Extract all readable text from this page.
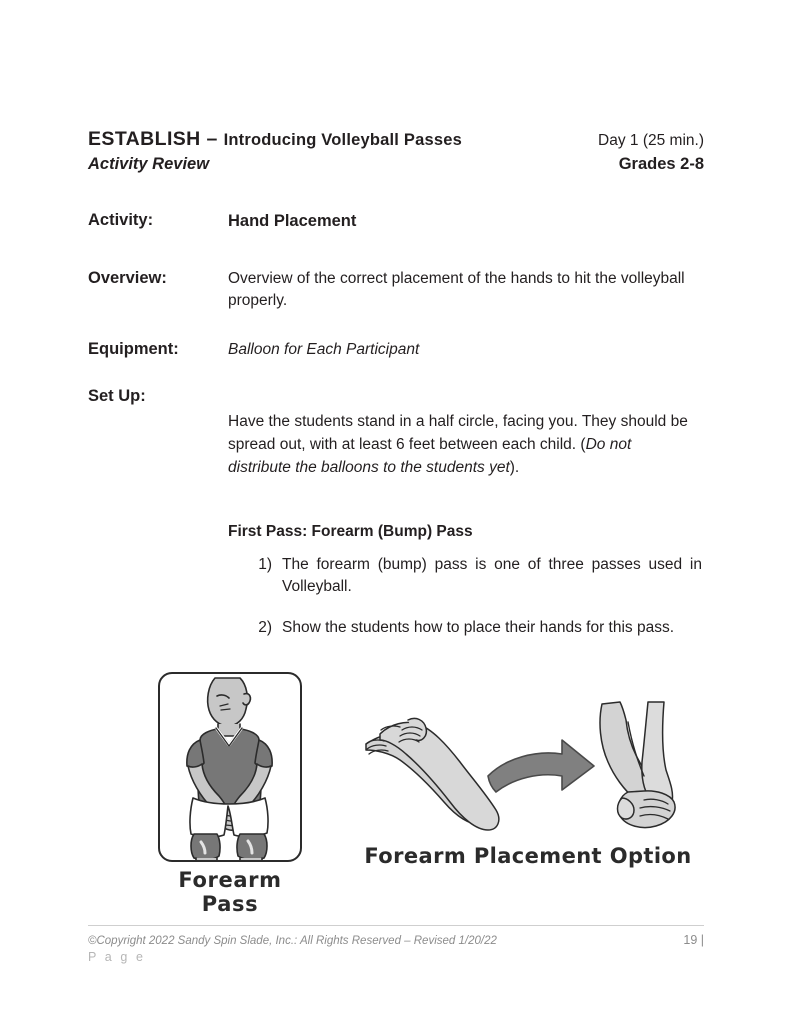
ESTABLISH – Introducing Volleyball Passes	Day 1 (25 min.)
Activity Review	Grades 2-8
Activity:	Hand Placement
Overview:	Overview of the correct placement of the hands to hit the volleyball properly.
Equipment:	Balloon for Each Participant
Set Up:
Have the students stand in a half circle, facing you. They should be spread out, with at least 6 feet between each child. (Do not distribute the balloons to the students yet).
First Pass: Forearm (Bump) Pass
1) The forearm (bump) pass is one of three passes used in Volleyball.
2) Show the students how to place their hands for this pass.
Forearm Pass
Forearm Placement Option
©Copyright 2022 Sandy Spin Slade, Inc.: All Rights Reserved – Revised 1/20/22	19 |
P a g e
